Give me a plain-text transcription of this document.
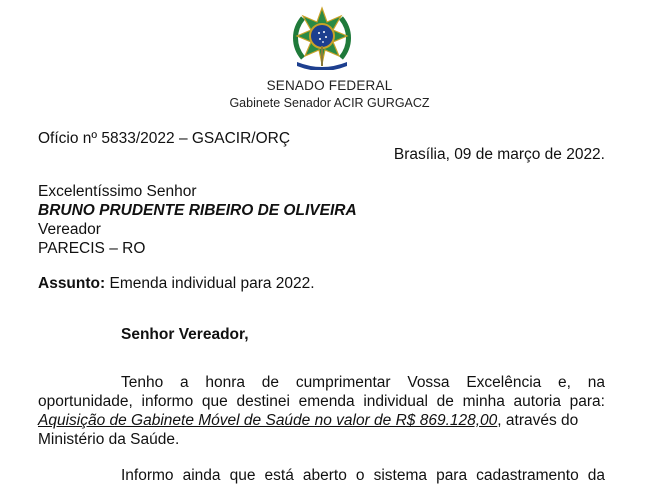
SENADO FEDERAL
Gabinete Senador ACIR GURGACZ
Ofício nº 5833/2022 – GSACIR/ORÇ
Brasília, 09 de março de 2022.
Excelentíssimo Senhor
BRUNO PRUDENTE RIBEIRO DE OLIVEIRA
Vereador
PARECIS – RO
Assunto: Emenda individual para 2022.
Senhor Vereador,
Tenho a honra de cumprimentar Vossa Excelência e, na
oportunidade, informo que destinei emenda individual de minha autoria para:
Aquisição de Gabinete Móvel de Saúde no valor de R$ 869.128,00, através do
Ministério da Saúde.
Informo ainda que está aberto o sistema para cadastramento da
